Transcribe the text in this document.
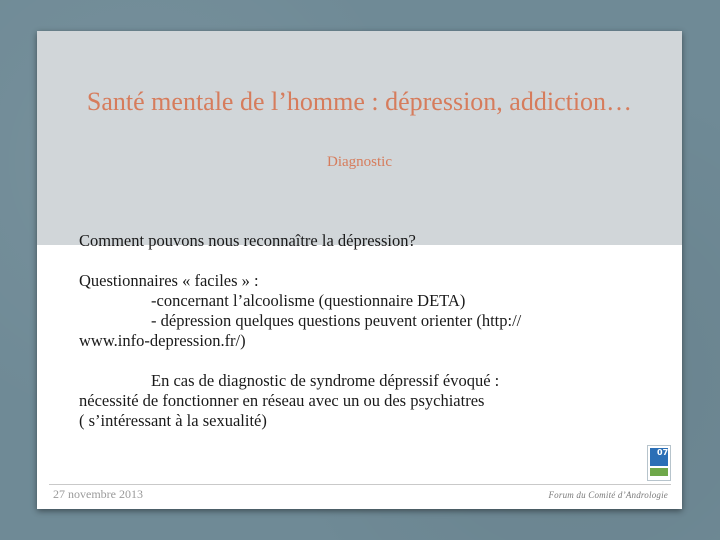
Santé mentale de l’homme : dépression, addiction…
Diagnostic

Comment pouvons nous reconnaître la dépression?

Questionnaires « faciles » :

-concernant l’alcoolisme (questionnaire DETA)

- dépression quelques questions peuvent orienter (http://

www.info-depression.fr/)

En cas de diagnostic de syndrome dépressif évoqué :

nécessité de fonctionner en réseau avec un ou des psychiatres

( s’intéressant à la sexualité)

07
27 novembre 2013	Forum du Comité d’Andrologie
